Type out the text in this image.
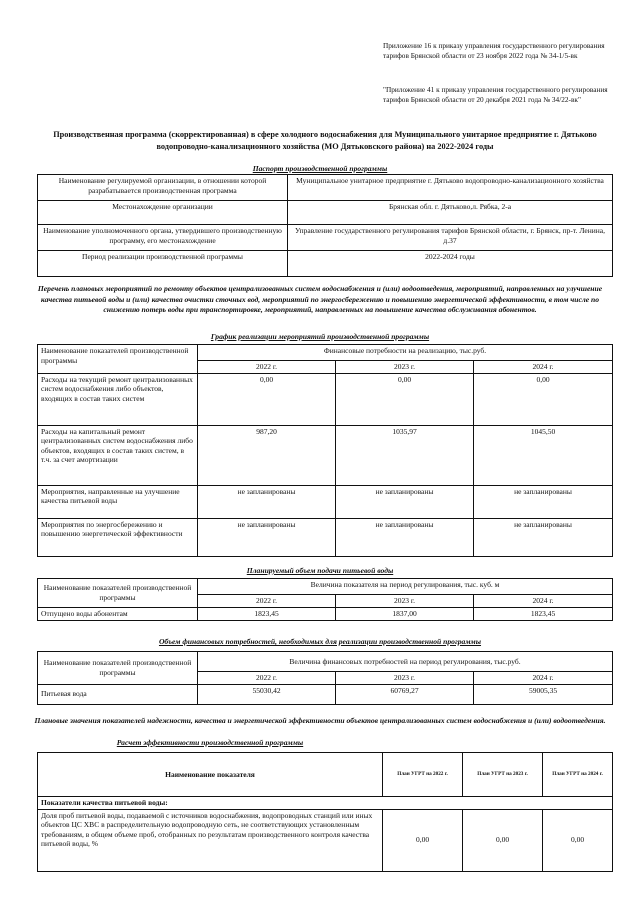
Приложение 16 к приказу управления государственного регулирования тарифов Брянской области от 23 ноября 2022 года № 34-1/5-вк
"Приложение 41 к приказу управления государственного регулирования тарифов Брянской области от 20 декабря 2021 года № 34/22-вк"
Производственная программа (скорректированная) в сфере холодного водоснабжения для Муниципального унитарное предприятие г. Дятьково водопроводно-канализационного хозяйства (МО Дятьковского района) на 2022-2024 годы
Паспорт производственной программы
Наименование регулируемой организации, в отношении которой разрабатывается производственная программа	Муниципальное унитарное предприятие г. Дятьково водопроводно-канализационного хозяйства
Местонахождение организации	Брянская обл. г. Дятьково,л. Рябка, 2-а
Наименование уполномоченного органа, утвердившего производственную программу, его местонахождение	Управление государственного регулирования тарифов Брянской области, г. Брянск, пр-т. Ленина, д.37
Период реализации производственной программы	2022-2024 годы
Перечень плановых мероприятий по ремонту объектов централизованных систем водоснабжения и (или) водоотведения, мероприятий, направленных на улучшение качества питьевой воды и (или) качества очистки сточных вод, мероприятий по энергосбережению и повышению энергетической эффективности, в том числе по снижению потерь воды при транспортировке, мероприятий, направленных на повышение качества обслуживания абонентов.
График реализации мероприятий производственной программы
Наименование показателей производственной программы	Финансовые потребности на реализацию, тыс.руб.		
	2022 г.	2023 г.	2024 г.
Расходы на текущий ремонт централизованных систем водоснабжения либо объектов, входящих в состав таких систем	0,00	0,00	0,00
Расходы на капитальный ремонт централизованных систем водоснабжения либо объектов, входящих в состав таких систем, в т.ч. за счет амортизации	987,20	1035,97	1045,50
Мероприятия, направленные на улучшение качества питьевой воды	не запланированы	не запланированы	не запланированы
Мероприятия по энергосбережению и повышению энергетической эффективности	не запланированы	не запланированы	не запланированы
Планируемый объем подачи питьевой воды
Наименование показателей производственной программы	Величина показателя на период регулирования, тыс. куб. м		
	2022 г.	2023 г.	2024 г.
Отпущено воды абонентам	1823,45	1837,00	1823,45
Объем финансовых потребностей, необходимых для реализации производственной программы
Наименование показателей производственной программы	Величина финансовых потребностей на период регулирования, тыс.руб.		
	2022 г.	2023 г.	2024 г.
Питьевая вода	55030,42	60769,27	59005,35
Плановые значения показателей надежности, качества и энергетической эффективности объектов централизованных систем водоснабжения и (или) водоотведения.
Расчет эффективности производственной программы
Наименование показателя	План УГРТ на 2022 г.	План УГРТ на 2023 г.	План УГРТ на 2024 г.
Показатели качества питьевой воды:			
Доля проб питьевой воды, подаваемой с источников водоснабжения, водопроводных станций или иных объектов ЦС ХВС в распределительную водопроводную сеть, не соответствующих установленным требованиям, в общем объеме проб, отобранных по результатам производственного контроля качества питьевой воды, %	0,00	0,00	0,00
